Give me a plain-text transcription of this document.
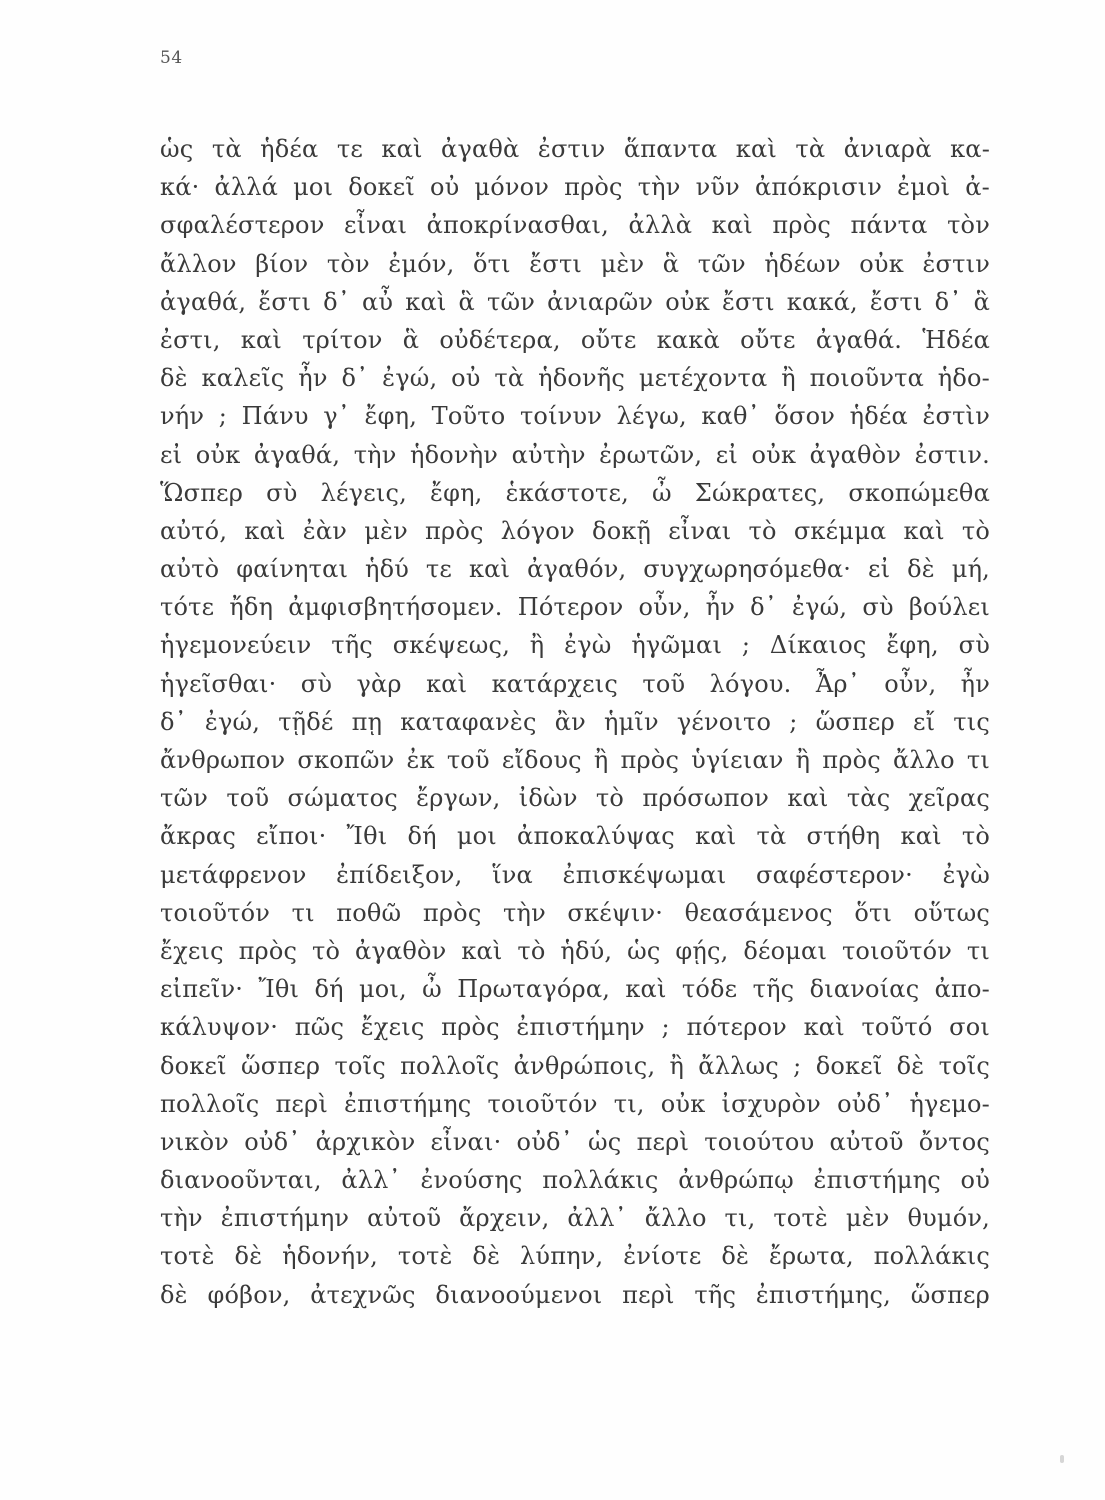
54
ὡς τὰ ἡδέα τε καὶ ἀγαθὰ ἐστιν ἅπαντα καὶ τὰ ἀνιαρὰ κα-
κά· ἀλλά μοι δοκεῖ οὐ μόνον πρὸς τὴν νῦν ἀπόκρισιν ἐμοὶ ἀ-
σφαλέστερον εἶναι ἀποκρίνασθαι, ἀλλὰ καὶ πρὸς πάντα τὸν
ἄλλον βίον τὸν ἐμόν, ὅτι ἔστι μὲν ἃ τῶν ἡδέων οὐκ ἐστιν
ἀγαθά, ἔστι δ᾽ αὖ καὶ ἃ τῶν ἀνιαρῶν οὐκ ἔστι κακά, ἔστι δ᾽ ἃ
ἐστι, καὶ τρίτον ἃ οὐδέτερα, οὔτε κακὰ οὔτε ἀγαθά. Ἡδέα
δὲ καλεῖς ἦν δ᾽ ἐγώ, οὐ τὰ ἡδονῆς μετέχοντα ἢ ποιοῦντα ἡδο-
νήν ; Πάνυ γ᾽ ἔφη, Τοῦτο τοίνυν λέγω, καθ᾽ ὅσον ἡδέα ἐστὶν
εἰ οὐκ ἀγαθά, τὴν ἡδονὴν αὐτὴν ἐρωτῶν, εἰ οὐκ ἀγαθὸν ἐστιν.
Ὥσπερ σὺ λέγεις, ἔφη, ἑκάστοτε, ὦ Σώκρατες, σκοπώμεθα
αὐτό, καὶ ἐὰν μὲν πρὸς λόγον δοκῇ εἶναι τὸ σκέμμα καὶ τὸ
αὐτὸ φαίνηται ἡδύ τε καὶ ἀγαθόν, συγχωρησόμεθα· εἰ δὲ μή,
τότε ἤδη ἀμφισβητήσομεν. Πότερον οὖν, ἦν δ᾽ ἐγώ, σὺ βούλει
ἡγεμονεύειν τῆς σκέψεως, ἢ ἐγὼ ἡγῶμαι ; Δίκαιος ἔφη, σὺ
ἡγεῖσθαι· σὺ γὰρ καὶ κατάρχεις τοῦ λόγου. Ἆρ᾽ οὖν, ἦν
δ᾽ ἐγώ, τῇδέ πῃ καταφανὲς ἂν ἡμῖν γένοιτο ; ὥσπερ εἴ τις
ἄνθρωπον σκοπῶν ἐκ τοῦ εἴδους ἢ πρὸς ὑγίειαν ἢ πρὸς ἄλλο τι
τῶν τοῦ σώματος ἔργων, ἰδὼν τὸ πρόσωπον καὶ τὰς χεῖρας
ἄκρας εἴποι· Ἴθι δή μοι ἀποκαλύψας καὶ τὰ στήθη καὶ τὸ
μετάφρενον ἐπίδειξον, ἵνα ἐπισκέψωμαι σαφέστερον· ἐγὼ
τοιοῦτόν τι ποθῶ πρὸς τὴν σκέψιν· θεασάμενος ὅτι οὕτως
ἔχεις πρὸς τὸ ἀγαθὸν καὶ τὸ ἡδύ, ὡς φῄς, δέομαι τοιοῦτόν τι
εἰπεῖν· Ἴθι δή μοι, ὦ Πρωταγόρα, καὶ τόδε τῆς διανοίας ἀπο-
κάλυψον· πῶς ἔχεις πρὸς ἐπιστήμην ; πότερον καὶ τοῦτό σοι
δοκεῖ ὥσπερ τοῖς πολλοῖς ἀνθρώποις, ἢ ἄλλως ; δοκεῖ δὲ τοῖς
πολλοῖς περὶ ἐπιστήμης τοιοῦτόν τι, οὐκ ἰσχυρὸν οὐδ᾽ ἡγεμο-
νικὸν οὐδ᾽ ἀρχικὸν εἶναι· οὐδ᾽ ὡς περὶ τοιούτου αὐτοῦ ὄντος
διανοοῦνται, ἀλλ᾽ ἐνούσης πολλάκις ἀνθρώπῳ ἐπιστήμης οὐ
τὴν ἐπιστήμην αὐτοῦ ἄρχειν, ἀλλ᾽ ἄλλο τι, τοτὲ μὲν θυμόν,
τοτὲ δὲ ἡδονήν, τοτὲ δὲ λύπην, ἐνίοτε δὲ ἔρωτα, πολλάκις
δὲ φόβον, ἀτεχνῶς διανοούμενοι περὶ τῆς ἐπιστήμης, ὥσπερ
